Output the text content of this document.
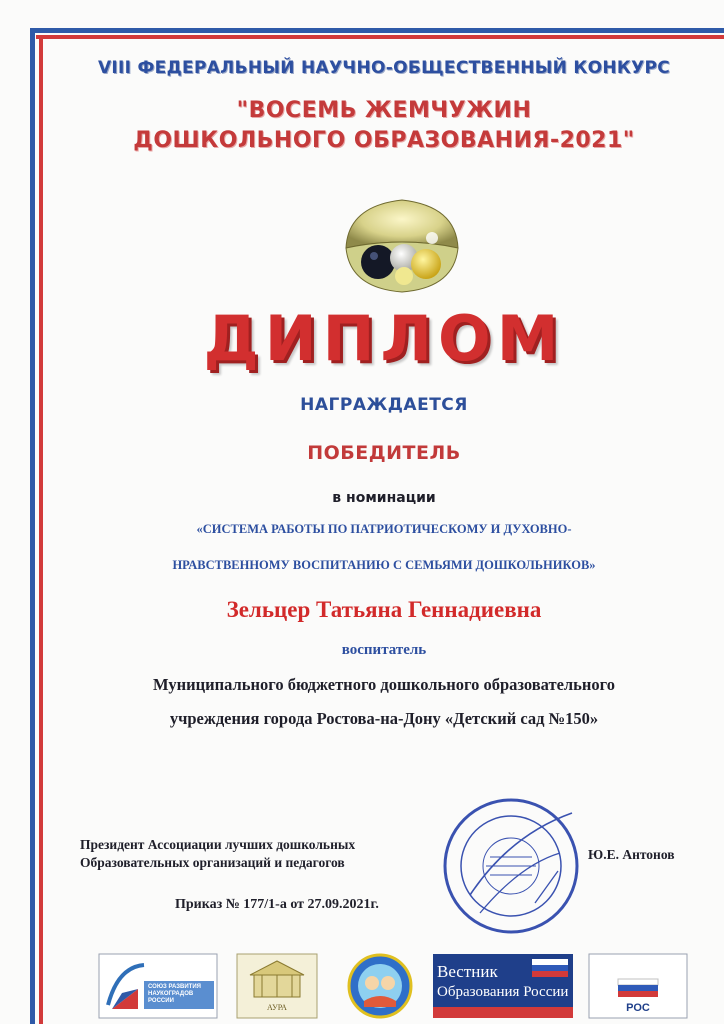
VIII ФЕДЕРАЛЬНЫЙ НАУЧНО-ОБЩЕСТВЕННЫЙ КОНКУРС
"ВОСЕМЬ ЖЕМЧУЖИН
ДОШКОЛЬНОГО ОБРАЗОВАНИЯ-2021"
ДИПЛОМ
НАГРАЖДАЕТСЯ
ПОБЕДИТЕЛЬ
в номинации
«СИСТЕМА РАБОТЫ ПО ПАТРИОТИЧЕСКОМУ И ДУХОВНО-
НРАВСТВЕННОМУ ВОСПИТАНИЮ С СЕМЬЯМИ ДОШКОЛЬНИКОВ»
Зельцер Татьяна Геннадиевна
воспитатель
Муниципального бюджетного дошкольного образовательного
учреждения города Ростова-на-Дону «Детский сад №150»
Президент Ассоциации лучших дошкольных
Образовательных организаций и педагогов
Ю.Е. Антонов
Приказ № 177/1-а от 27.09.2021г.
СОЮЗ РАЗВИТИЯ НАУКОГРАДОВ РОССИИ
АУРА
Вестник
Образования России
РОС
